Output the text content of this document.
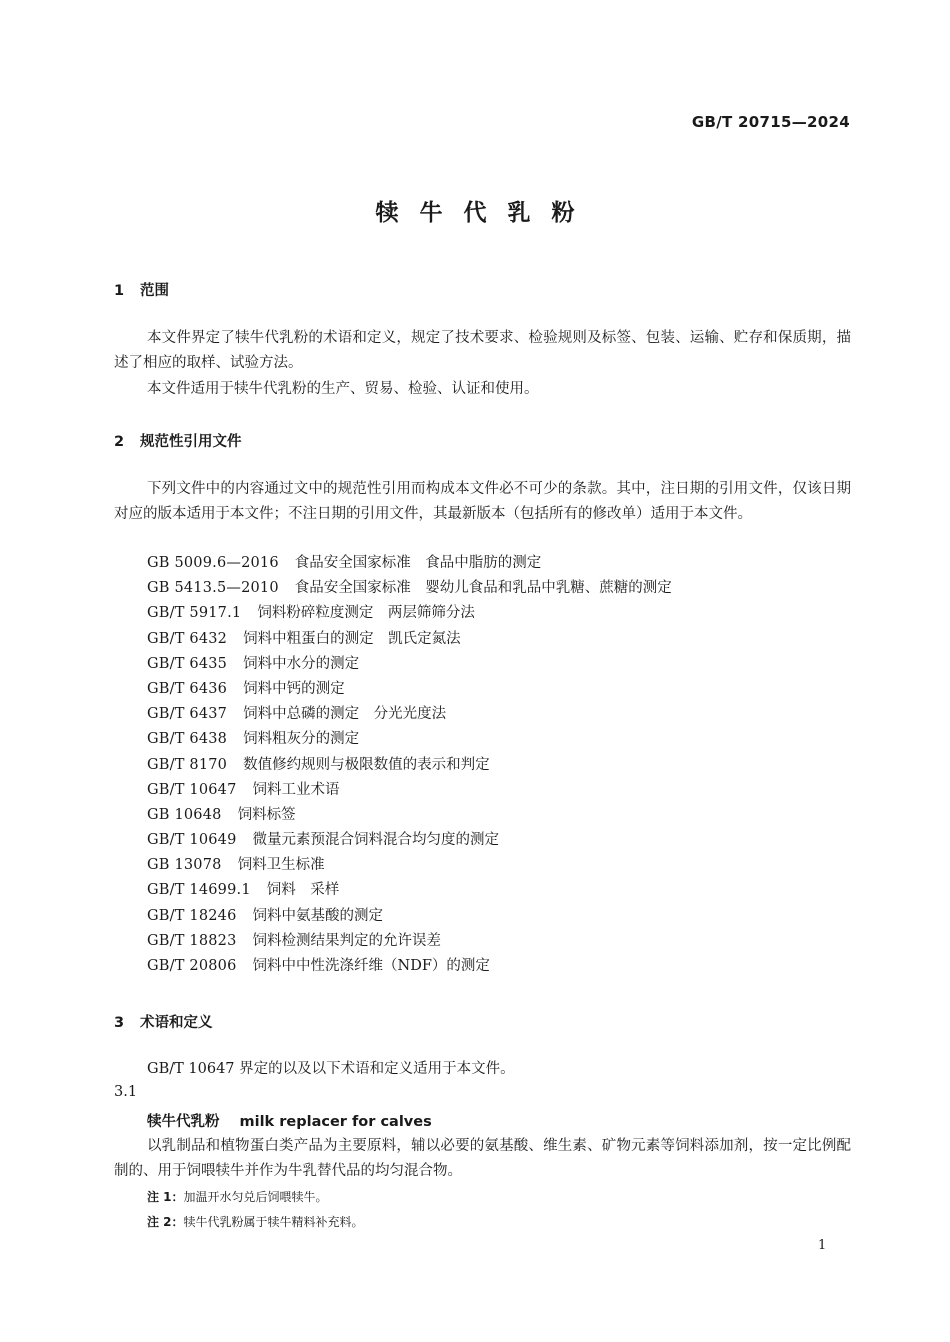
GB/T 20715—2024
犊牛代乳粉
1 范围
本文件界定了犊牛代乳粉的术语和定义，规定了技术要求、检验规则及标签、包装、运输、贮存和保质期，描述了相应的取样、试验方法。
本文件适用于犊牛代乳粉的生产、贸易、检验、认证和使用。
2 规范性引用文件
下列文件中的内容通过文中的规范性引用而构成本文件必不可少的条款。其中，注日期的引用文件，仅该日期对应的版本适用于本文件；不注日期的引用文件，其最新版本（包括所有的修改单）适用于本文件。
GB 5009.6—2016 食品安全国家标准　食品中脂肪的测定
GB 5413.5—2010 食品安全国家标准　婴幼儿食品和乳品中乳糖、蔗糖的测定
GB/T 5917.1 饲料粉碎粒度测定　两层筛筛分法
GB/T 6432 饲料中粗蛋白的测定　凯氏定氮法
GB/T 6435 饲料中水分的测定
GB/T 6436 饲料中钙的测定
GB/T 6437 饲料中总磷的测定　分光光度法
GB/T 6438 饲料粗灰分的测定
GB/T 8170 数值修约规则与极限数值的表示和判定
GB/T 10647 饲料工业术语
GB 10648 饲料标签
GB/T 10649 微量元素预混合饲料混合均匀度的测定
GB 13078 饲料卫生标准
GB/T 14699.1 饲料　采样
GB/T 18246 饲料中氨基酸的测定
GB/T 18823 饲料检测结果判定的允许误差
GB/T 20806 饲料中中性洗涤纤维（NDF）的测定
3 术语和定义
GB/T 10647 界定的以及以下术语和定义适用于本文件。
3.1
犊牛代乳粉 milk replacer for calves
以乳制品和植物蛋白类产品为主要原料，辅以必要的氨基酸、维生素、矿物元素等饲料添加剂，按一定比例配制的、用于饲喂犊牛并作为牛乳替代品的均匀混合物。
注 1：加温开水匀兑后饲喂犊牛。
注 2：犊牛代乳粉属于犊牛精料补充料。
1
